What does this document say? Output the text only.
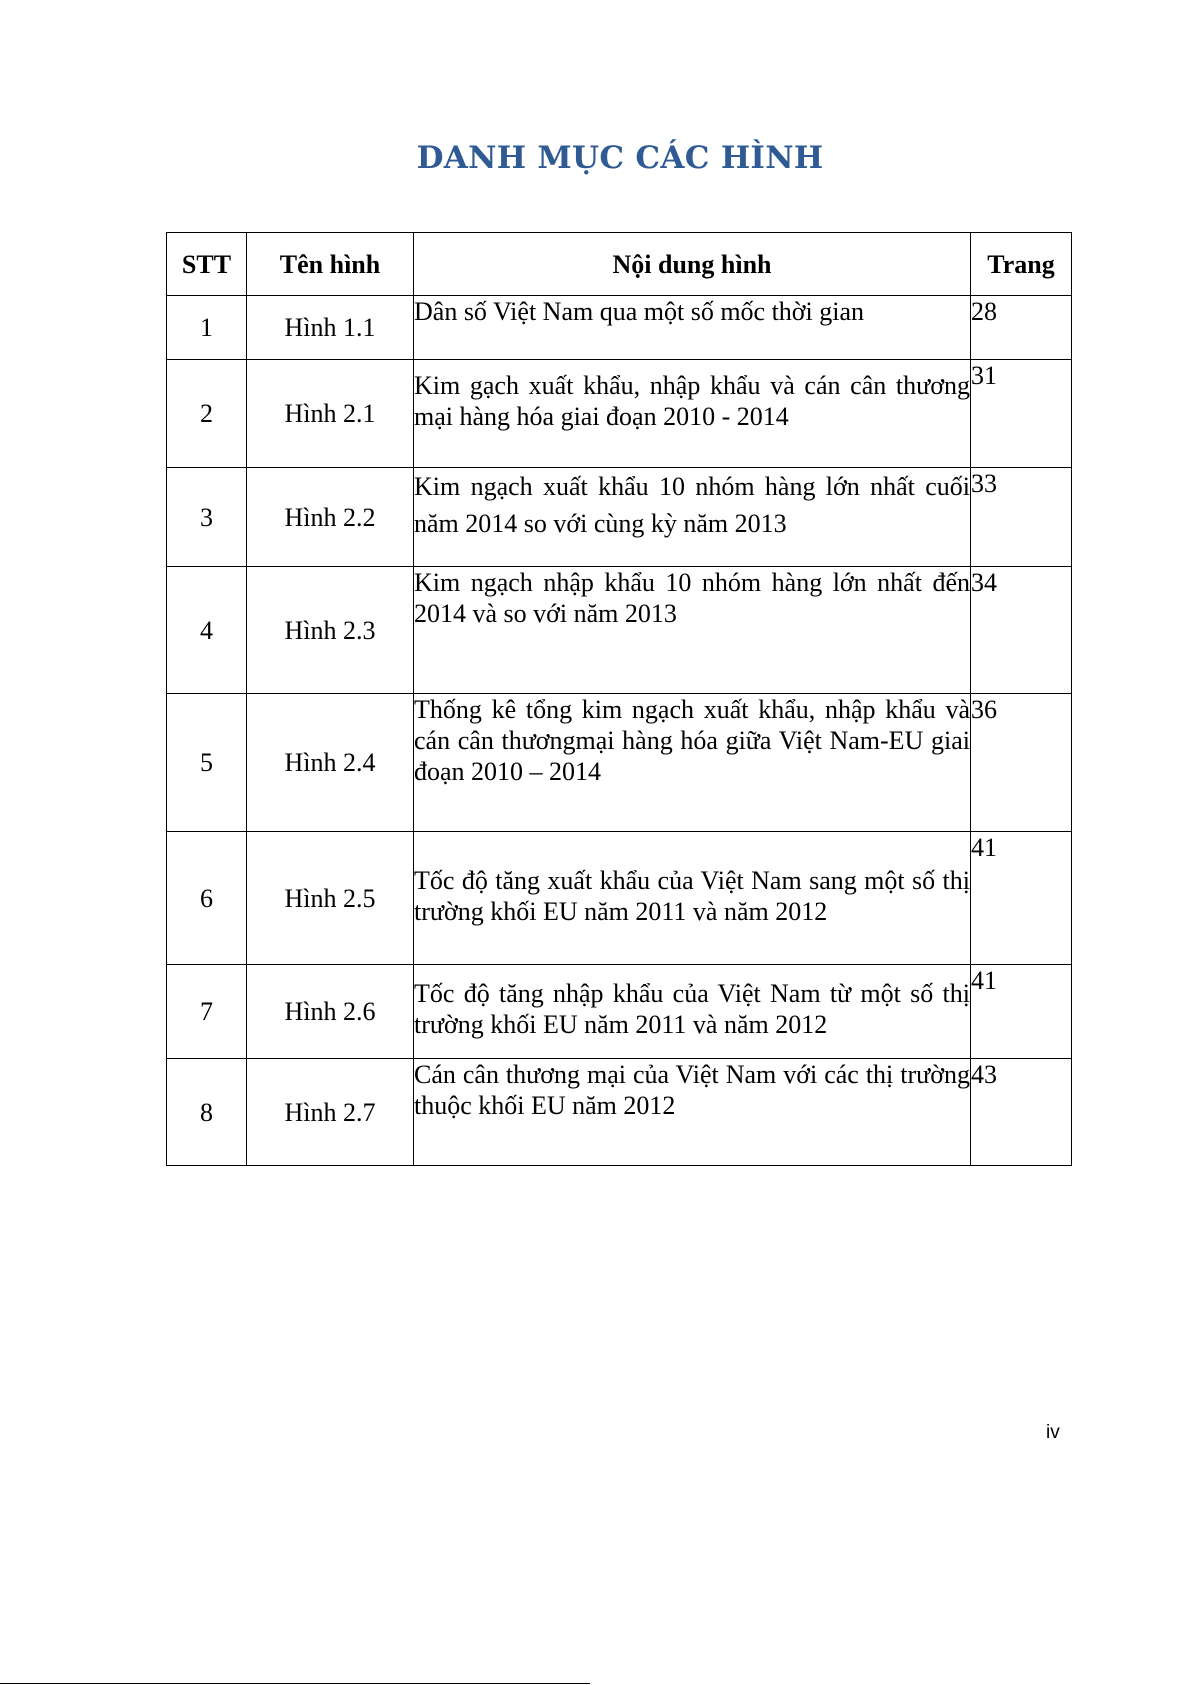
DANH MỤC CÁC HÌNH
STT	Tên hình	Nội dung hình	Trang
1	Hình 1.1	Dân số Việt Nam qua một số mốc thời gian	28
2	Hình 2.1	Kim gạch xuất khẩu, nhập khẩu và cán cân thương mại hàng hóa giai đoạn 2010 - 2014	31
3	Hình 2.2	Kim ngạch xuất khẩu 10 nhóm hàng lớn nhất cuối năm 2014 so với cùng kỳ năm 2013	33
4	Hình 2.3	Kim ngạch nhập khẩu 10 nhóm hàng lớn nhất đến 2014 và so với năm 2013	34
5	Hình 2.4	Thống kê tổng kim ngạch xuất khẩu, nhập khẩu và cán cân thươngmại hàng hóa giữa Việt Nam-EU giai đoạn 2010 – 2014	36
6	Hình 2.5	Tốc độ tăng xuất khẩu của Việt Nam sang một số thị trường khối EU năm 2011 và năm 2012	41
7	Hình 2.6	Tốc độ tăng nhập khẩu của Việt Nam từ một số thị trường khối EU năm 2011 và năm 2012	41
8	Hình 2.7	Cán cân thương mại của Việt Nam với các thị trường thuộc khối EU năm 2012	43
iv
